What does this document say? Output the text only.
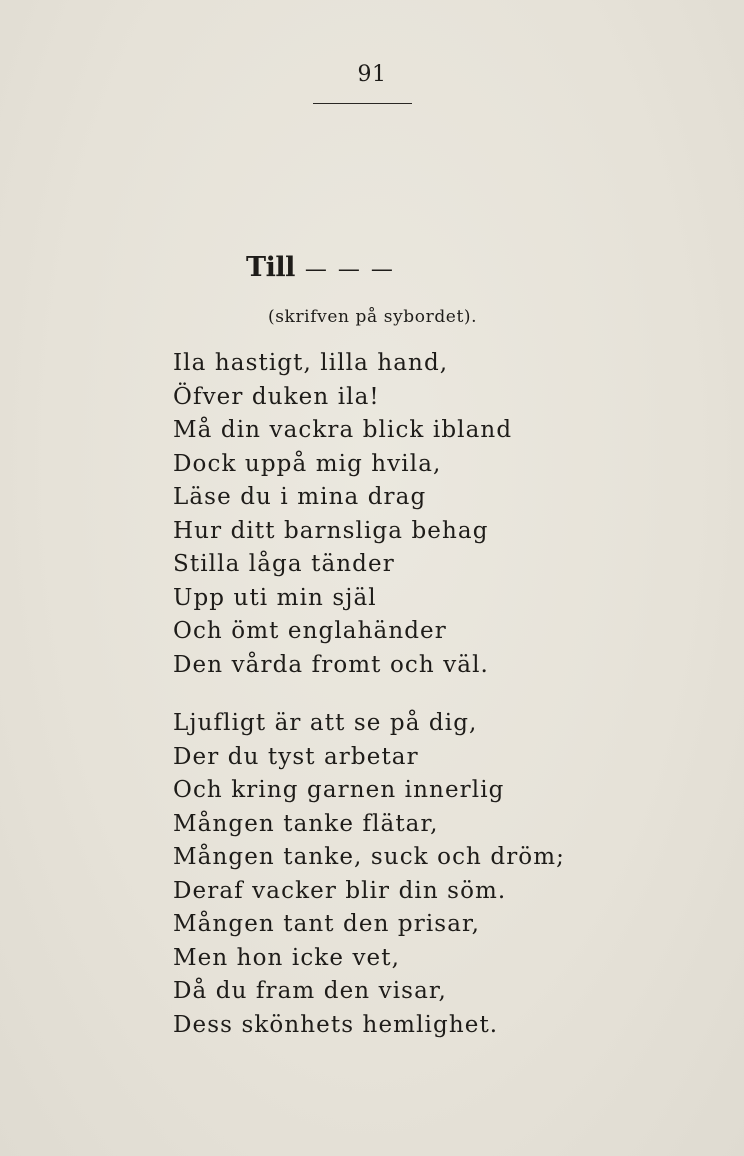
91
Till — — —
(skrifven på sybordet).
Ila hastigt, lilla hand,
Öfver duken ila!
Må din vackra blick ibland
Dock uppå mig hvila,
Läse du i mina drag
Hur ditt barnsliga behag
Stilla låga tänder
Upp uti min själ
Och ömt englahänder
Den vårda fromt och väl.
Ljufligt är att se på dig,
Der du tyst arbetar
Och kring garnen innerlig
Mången tanke flätar,
Mången tanke, suck och dröm;
Deraf vacker blir din söm.
Mången tant den prisar,
Men hon icke vet,
Då du fram den visar,
Dess skönhets hemlighet.
